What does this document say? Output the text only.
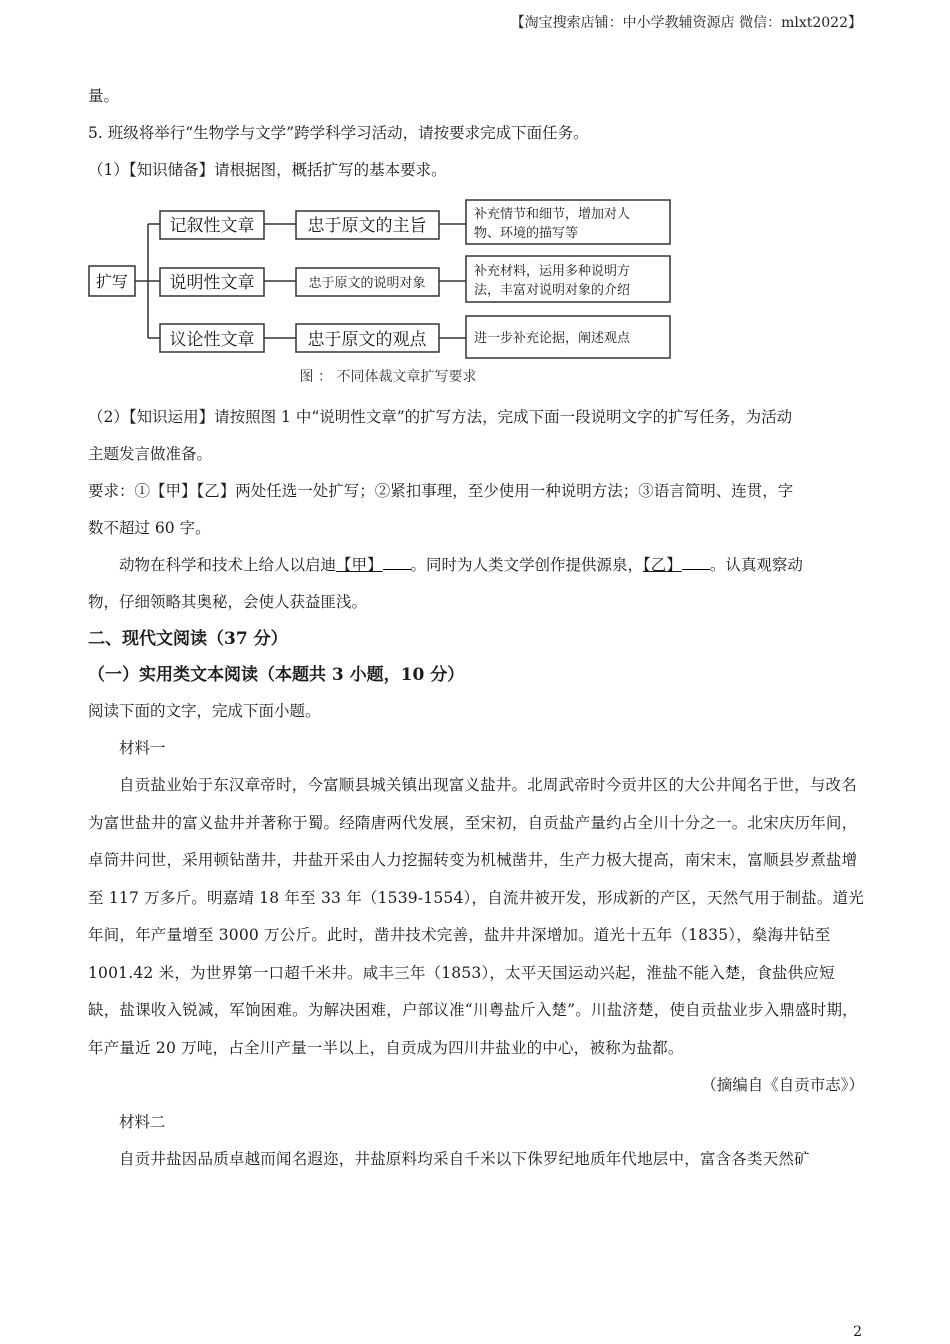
【淘宝搜索店铺：中小学教辅资源店 微信：mlxt2022】

量。

5. 班级将举行“生物学与文学”跨学科学习活动，请按要求完成下面任务。

（1）【知识储备】请根据图，概括扩写的基本要求。

扩写
记叙性文章
说明性文章
议论性文章
忠于原文的主旨
忠于原文的说明对象
忠于原文的观点
补充情节和细节，增加对人
物、环境的描写等
补充材料，运用多种说明方
法，丰富对说明对象的介绍
进一步补充论据，阐述观点
图 ： 不同体裁文章扩写要求

（2）【知识运用】请按照图 1 中“说明性文章”的扩写方法，完成下面一段说明文字的扩写任务，为活动

主题发言做准备。

要求：①【甲】【乙】两处任选一处扩写；②紧扣事理，至少使用一种说明方法；③语言简明、连贯，字

数不超过 60 字。

动物在科学和技术上给人以启迪【甲】 。同时为人类文学创作提供源泉，【乙】 。认真观察动

物，仔细领略其奥秘，会使人获益匪浅。

二、现代文阅读（37 分）

（一）实用类文本阅读（本题共 3 小题，10 分）

阅读下面的文字，完成下面小题。

材料一

自贡盐业始于东汉章帝时，今富顺县城关镇出现富义盐井。北周武帝时今贡井区的大公井闻名于世，与改名为富世盐井的富义盐井并著称于蜀。经隋唐两代发展，至宋初，自贡盐产量约占全川十分之一。北宋庆历年间，卓筒井问世，采用顿钻凿井，井盐开采由人力挖掘转变为机械凿井，生产力极大提高，南宋末，富顺县岁煮盐增至 117 万多斤。明嘉靖 18 年至 33 年（1539-1554），自流井被开发，形成新的产区，天然气用于制盐。道光年间，年产量增至 3000 万公斤。此时，凿井技术完善，盐井井深增加。道光十五年（1835），燊海井钻至 1001.42 米，为世界第一口超千米井。咸丰三年（1853），太平天国运动兴起，淮盐不能入楚，食盐供应短缺，盐课收入锐减，军饷困难。为解决困难，户部议准“川粤盐斤入楚”。川盐济楚，使自贡盐业步入鼎盛时期，年产量近 20 万吨，占全川产量一半以上，自贡成为四川井盐业的中心，被称为盐都。

（摘编自《自贡市志》）

材料二

自贡井盐因品质卓越而闻名遐迩，井盐原料均采自千米以下侏罗纪地质年代地层中，富含各类天然矿

2
